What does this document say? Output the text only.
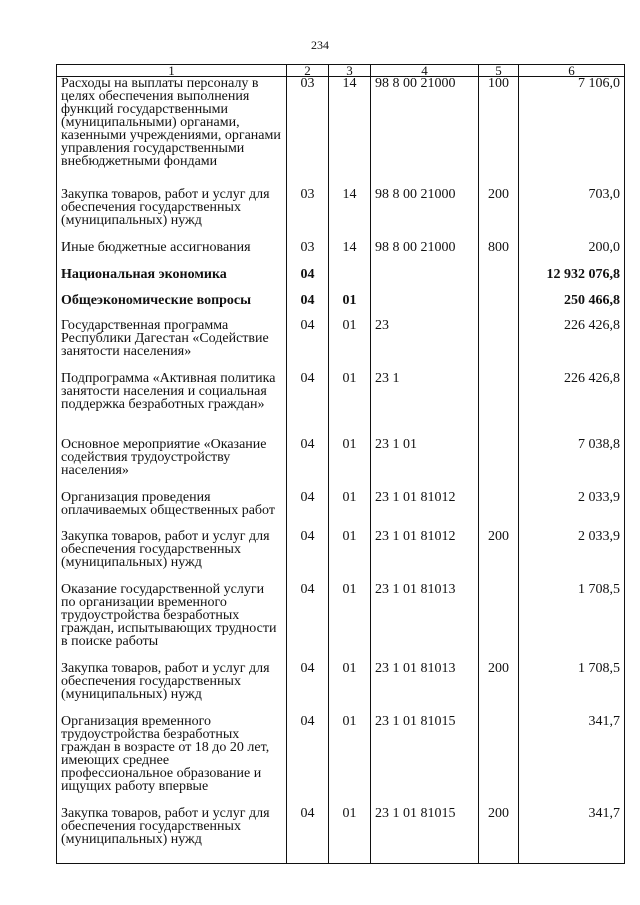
234
1	2	3	4	5	6
Расходы на выплаты персоналу в целях обеспечения выполнения функций государственными (муниципальными) органами, казенными учреждениями, органами управления государственными внебюджетными фондами	03	14	98 8 00 21000	100	7 106,0
Закупка товаров, работ и услуг для обеспечения государственных (муниципальных) нужд	03	14	98 8 00 21000	200	703,0
Иные бюджетные ассигнования	03	14	98 8 00 21000	800	200,0
Национальная экономика	04				12 932 076,8
Общеэкономические вопросы	04	01			250 466,8
Государственная программа Республики Дагестан «Содействие занятости населения»	04	01	23		226 426,8
Подпрограмма «Активная политика занятости населения и социальная поддержка безработных граждан»	04	01	23 1		226 426,8
Основное мероприятие «Оказание содействия трудоустройству населения»	04	01	23 1 01		7 038,8
Организация проведения оплачиваемых общественных работ	04	01	23 1 01 81012		2 033,9
Закупка товаров, работ и услуг для обеспечения государственных (муниципальных) нужд	04	01	23 1 01 81012	200	2 033,9
Оказание государственной услуги по организации временного трудоустройства безработных граждан, испытывающих трудности в поиске работы	04	01	23 1 01 81013		1 708,5
Закупка товаров, работ и услуг для обеспечения государственных (муниципальных) нужд	04	01	23 1 01 81013	200	1 708,5
Организация временного трудоустройства безработных граждан в возрасте от 18 до 20 лет, имеющих среднее профессиональное образование и ищущих работу впервые	04	01	23 1 01 81015		341,7
Закупка товаров, работ и услуг для обеспечения государственных (муниципальных) нужд	04	01	23 1 01 81015	200	341,7
